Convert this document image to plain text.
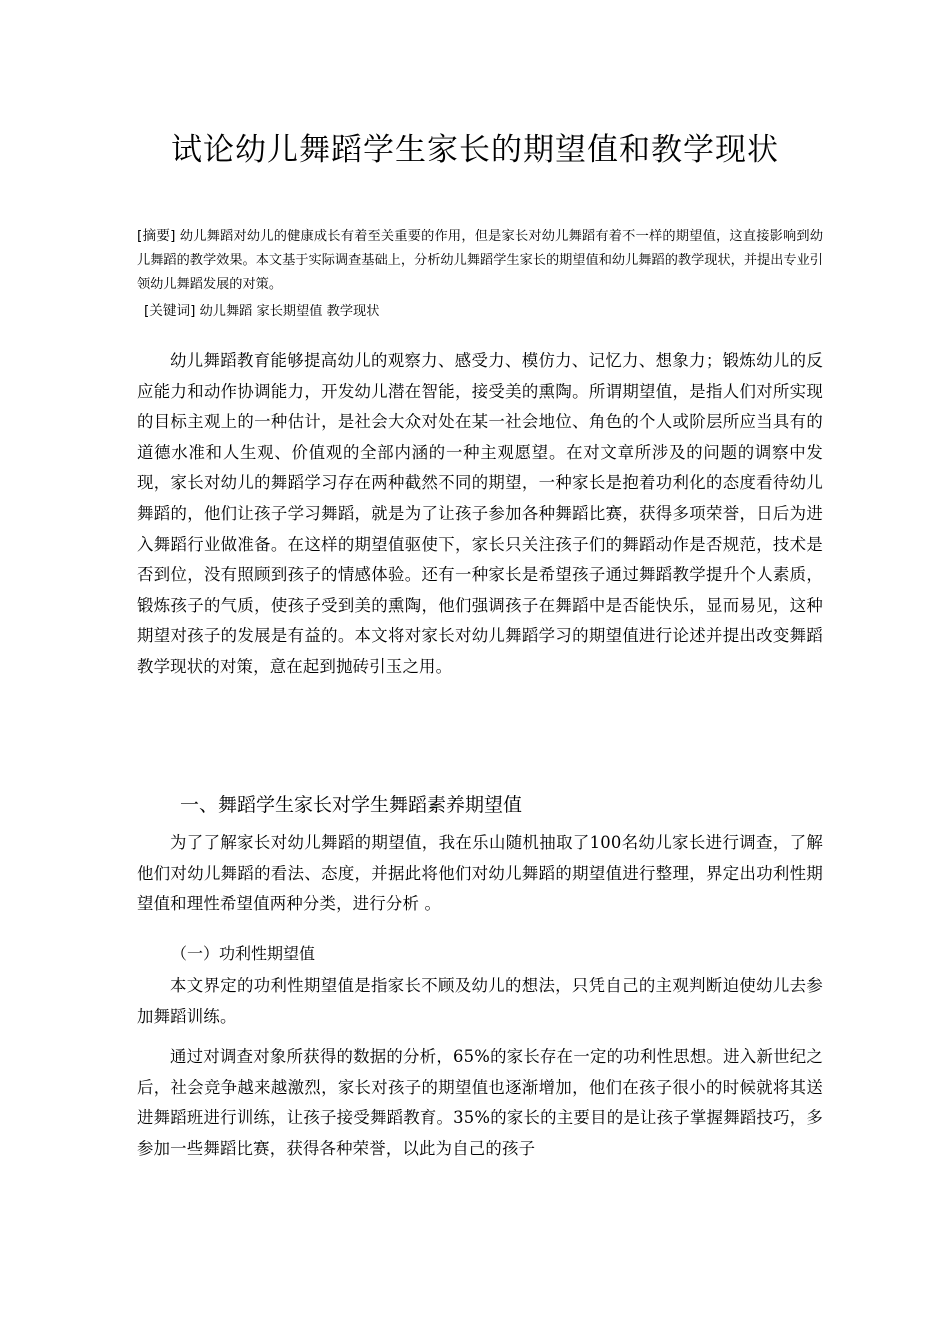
试论幼儿舞蹈学生家长的期望值和教学现状
[摘要] 幼儿舞蹈对幼儿的健康成长有着至关重要的作用，但是家长对幼儿舞蹈有着不一样的期望值，这直接影响到幼儿舞蹈的教学效果。本文基于实际调查基础上，分析幼儿舞蹈学生家长的期望值和幼儿舞蹈的教学现状，并提出专业引领幼儿舞蹈发展的对策。
[关键词] 幼儿舞蹈 家长期望值 教学现状

幼儿舞蹈教育能够提高幼儿的观察力、感受力、模仿力、记忆力、想象力；锻炼幼儿的反应能力和动作协调能力，开发幼儿潜在智能，接受美的熏陶。所谓期望值，是指人们对所实现的目标主观上的一种估计，是社会大众对处在某一社会地位、角色的个人或阶层所应当具有的道德水准和人生观、价值观的全部内涵的一种主观愿望。在对文章所涉及的问题的调察中发现，家长对幼儿的舞蹈学习存在两种截然不同的期望，一种家长是抱着功利化的态度看待幼儿舞蹈的，他们让孩子学习舞蹈，就是为了让孩子参加各种舞蹈比赛，获得多项荣誉，日后为进入舞蹈行业做准备。在这样的期望值驱使下，家长只关注孩子们的舞蹈动作是否规范，技术是否到位，没有照顾到孩子的情感体验。还有一种家长是希望孩子通过舞蹈教学提升个人素质，锻炼孩子的气质，使孩子受到美的熏陶，他们强调孩子在舞蹈中是否能快乐，显而易见，这种期望对孩子的发展是有益的。本文将对家长对幼儿舞蹈学习的期望值进行论述并提出改变舞蹈教学现状的对策，意在起到抛砖引玉之用。

一、舞蹈学生家长对学生舞蹈素养期望值

为了了解家长对幼儿舞蹈的期望值，我在乐山随机抽取了100名幼儿家长进行调查，了解他们对幼儿舞蹈的看法、态度，并据此将他们对幼儿舞蹈的期望值进行整理，界定出功利性期望值和理性希望值两种分类，进行分析 。

（一）功利性期望值

本文界定的功利性期望值是指家长不顾及幼儿的想法，只凭自己的主观判断迫使幼儿去参加舞蹈训练。

通过对调查对象所获得的数据的分析，65%的家长存在一定的功利性思想。进入新世纪之后，社会竞争越来越激烈，家长对孩子的期望值也逐渐增加，他们在孩子很小的时候就将其送进舞蹈班进行训练，让孩子接受舞蹈教育。35%的家长的主要目的是让孩子掌握舞蹈技巧，多参加一些舞蹈比赛，获得各种荣誉，以此为自己的孩子
